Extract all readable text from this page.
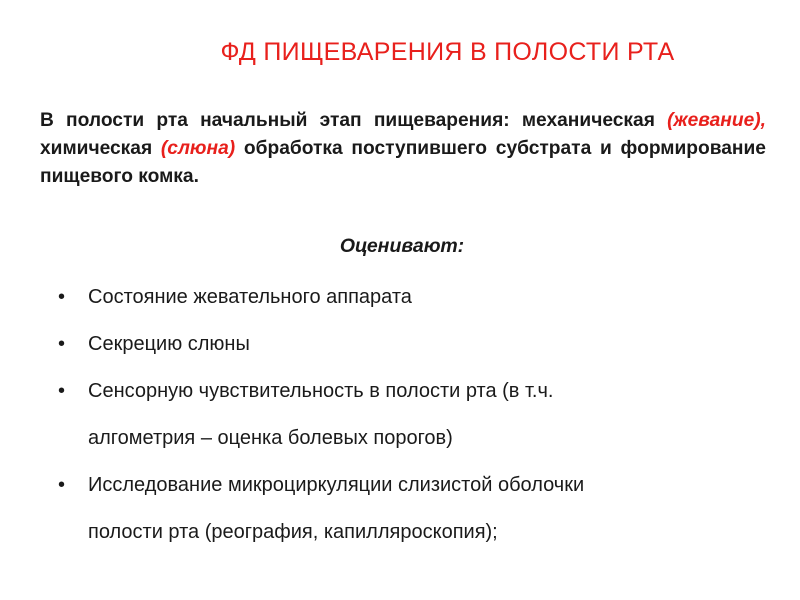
ФД ПИЩЕВАРЕНИЯ В ПОЛОСТИ РТА

В полости рта начальный этап пищеварения: механическая (жевание), химическая (слюна) обработка поступившего субстрата и формирование пищевого комка.

Оценивают:
•	Состояние жевательного аппарата
•	Секрецию слюны
•	Сенсорную чувствительность в полости рта (в т.ч.
алгометрия – оценка болевых порогов)
•	Исследование микроциркуляции слизистой оболочки
полости рта (реография, капилляроскопия);
